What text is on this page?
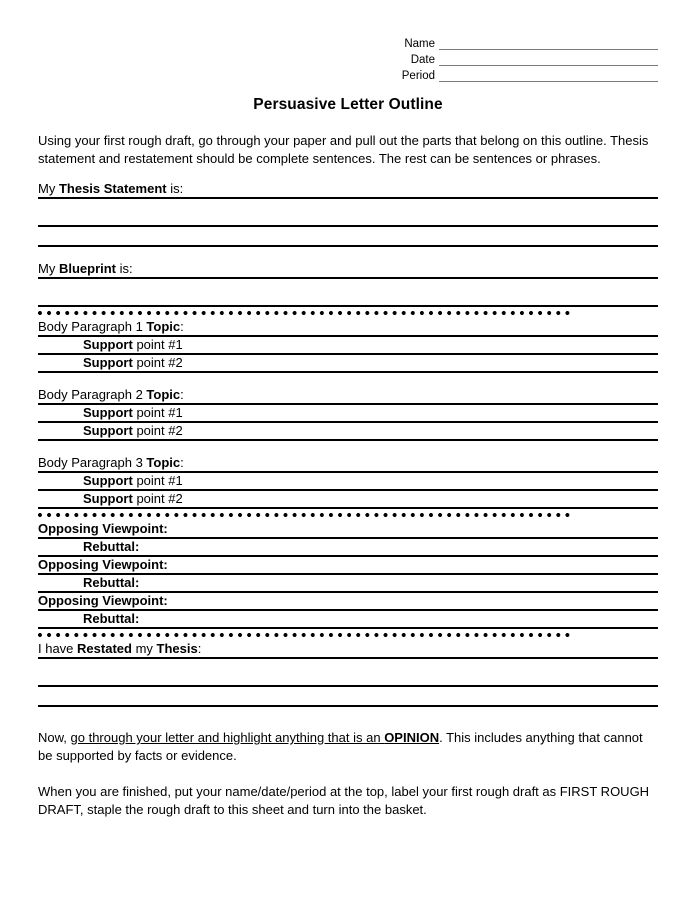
Name
Date
Period
Persuasive Letter Outline

Using your first rough draft, go through your paper and pull out the parts that belong on this outline. Thesis statement and restatement should be complete sentences. The rest can be sentences or phrases.

My Thesis Statement is:
My Blueprint is:
Body Paragraph 1 Topic:
Support point #1
Support point #2
Body Paragraph 2 Topic:
Support point #1
Support point #2
Body Paragraph 3 Topic:
Support point #1
Support point #2
Opposing Viewpoint:
Rebuttal:
Opposing Viewpoint:
Rebuttal:
Opposing Viewpoint:
Rebuttal:
I have Restated my Thesis:

Now, go through your letter and highlight anything that is an OPINION. This includes anything that cannot be supported by facts or evidence.

When you are finished, put your name/date/period at the top, label your first rough draft as FIRST ROUGH DRAFT, staple the rough draft to this sheet and turn into the basket.
